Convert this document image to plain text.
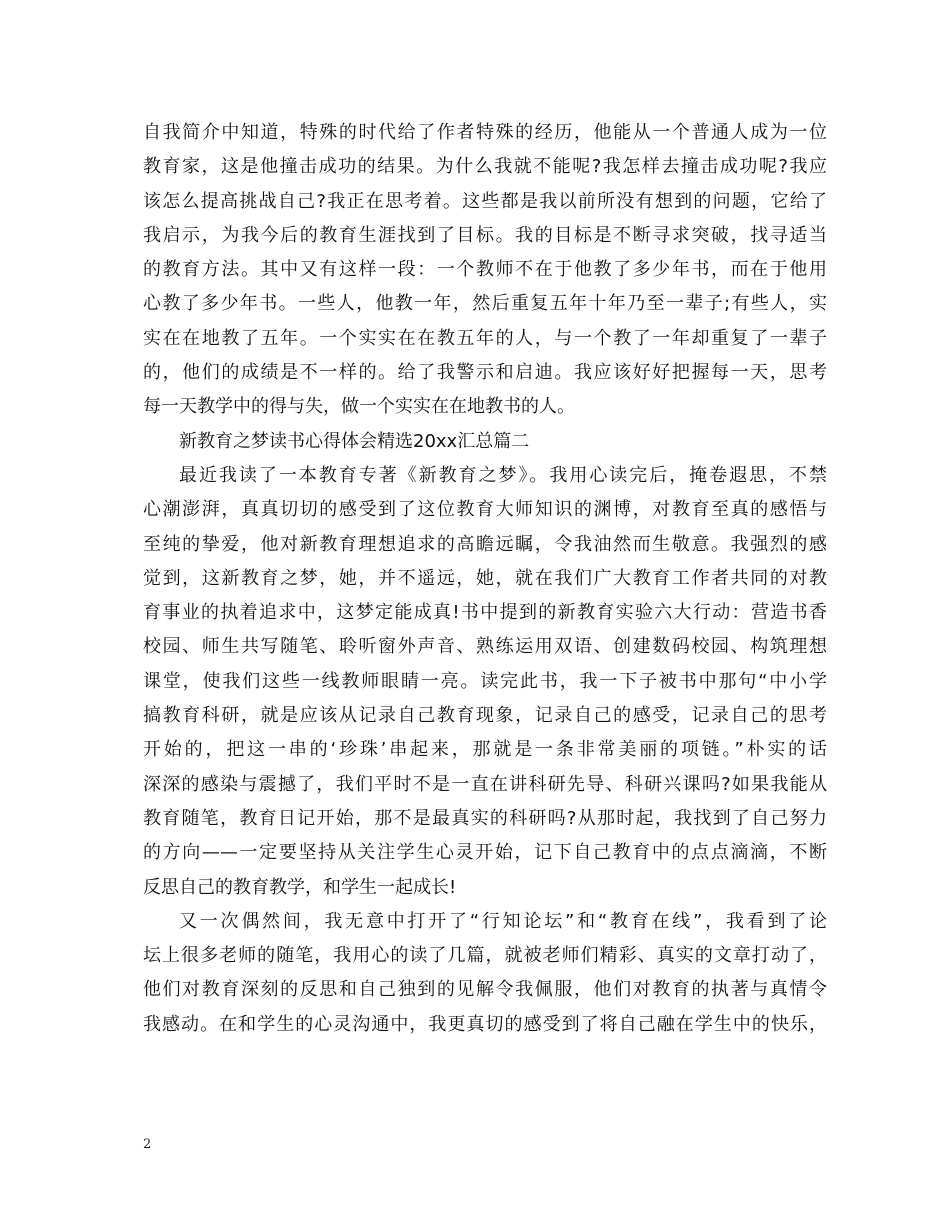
自我简介中知道，特殊的时代给了作者特殊的经历，他能从一个普通人成为一位
教育家，这是他撞击成功的结果。为什么我就不能呢?我怎样去撞击成功呢?我应
该怎么提高挑战自己?我正在思考着。这些都是我以前所没有想到的问题，它给了
我启示，为我今后的教育生涯找到了目标。我的目标是不断寻求突破，找寻适当
的教育方法。其中又有这样一段：一个教师不在于他教了多少年书，而在于他用
心教了多少年书。一些人，他教一年，然后重复五年十年乃至一辈子;有些人，实
实在在地教了五年。一个实实在在教五年的人，与一个教了一年却重复了一辈子
的，他们的成绩是不一样的。给了我警示和启迪。我应该好好把握每一天，思考
每一天教学中的得与失，做一个实实在在地教书的人。
新教育之梦读书心得体会精选20xx汇总篇二
最近我读了一本教育专著《新教育之梦》。我用心读完后，掩卷遐思，不禁
心潮澎湃，真真切切的感受到了这位教育大师知识的渊博，对教育至真的感悟与
至纯的挚爱，他对新教育理想追求的高瞻远瞩，令我油然而生敬意。我强烈的感
觉到，这新教育之梦，她，并不遥远，她，就在我们广大教育工作者共同的对教
育事业的执着追求中，这梦定能成真!书中提到的新教育实验六大行动：营造书香
校园、师生共写随笔、聆听窗外声音、熟练运用双语、创建数码校园、构筑理想
课堂，使我们这些一线教师眼睛一亮。读完此书，我一下子被书中那句“中小学
搞教育科研，就是应该从记录自己教育现象，记录自己的感受，记录自己的思考
开始的，把这一串的‘珍珠’串起来，那就是一条非常美丽的项链。”朴实的话
深深的感染与震撼了，我们平时不是一直在讲科研先导、科研兴课吗?如果我能从
教育随笔，教育日记开始，那不是最真实的科研吗?从那时起，我找到了自己努力
的方向——一定要坚持从关注学生心灵开始，记下自己教育中的点点滴滴，不断
反思自己的教育教学，和学生一起成长!
又一次偶然间，我无意中打开了“行知论坛”和“教育在线”，我看到了论
坛上很多老师的随笔，我用心的读了几篇，就被老师们精彩、真实的文章打动了，
他们对教育深刻的反思和自己独到的见解令我佩服，他们对教育的执著与真情令
我感动。在和学生的心灵沟通中，我更真切的感受到了将自己融在学生中的快乐，
2
